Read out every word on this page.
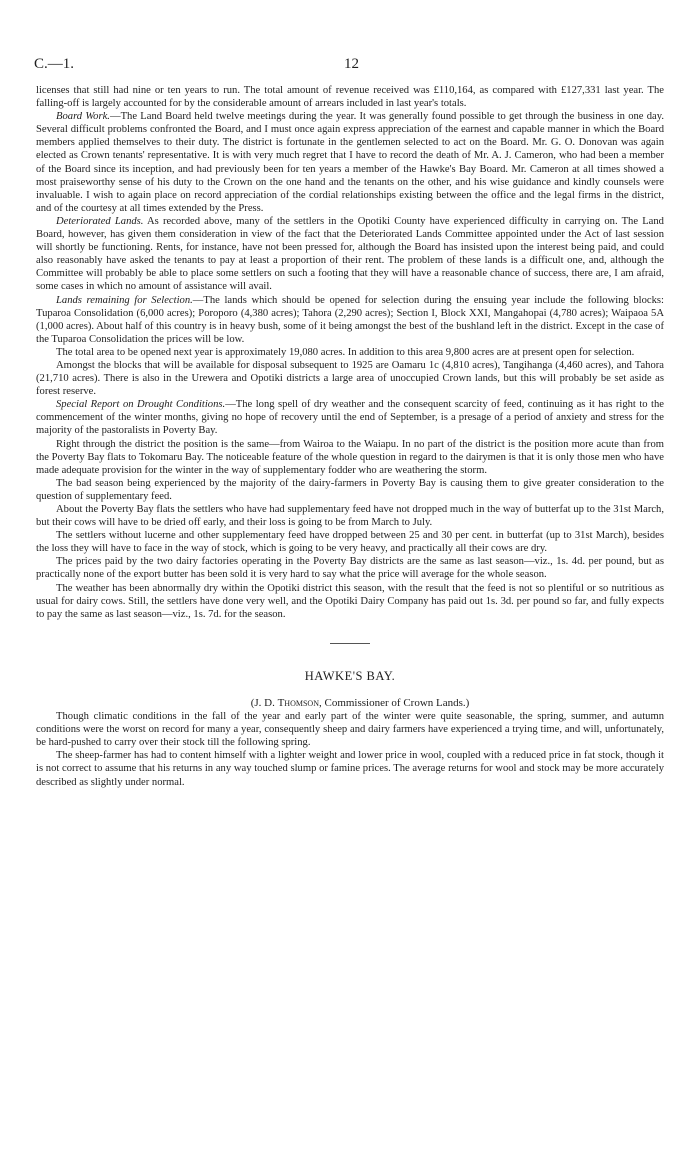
C.—1.	12

licenses that still had nine or ten years to run. The total amount of revenue received was £110,164, as compared with £127,331 last year. The falling-off is largely accounted for by the considerable amount of arrears included in last year's totals.

Board Work.—The Land Board held twelve meetings during the year. It was generally found possible to get through the business in one day. Several difficult problems confronted the Board, and I must once again express appreciation of the earnest and capable manner in which the Board members applied themselves to their duty. The district is fortunate in the gentlemen selected to act on the Board. Mr. G. O. Donovan was again elected as Crown tenants' representative. It is with very much regret that I have to record the death of Mr. A. J. Cameron, who had been a member of the Board since its inception, and had previously been for ten years a member of the Hawke's Bay Board. Mr. Cameron at all times showed a most praiseworthy sense of his duty to the Crown on the one hand and the tenants on the other, and his wise guidance and kindly counsels were invaluable. I wish to again place on record appreciation of the cordial relationships existing between the office and the legal firms in the district, and of the courtesy at all times extended by the Press.

Deteriorated Lands. As recorded above, many of the settlers in the Opotiki County have experienced difficulty in carrying on. The Land Board, however, has given them consideration in view of the fact that the Deteriorated Lands Committee appointed under the Act of last session will shortly be functioning. Rents, for instance, have not been pressed for, although the Board has insisted upon the interest being paid, and could also reasonably have asked the tenants to pay at least a proportion of their rent. The problem of these lands is a difficult one, and, although the Committee will probably be able to place some settlers on such a footing that they will have a reasonable chance of success, there are, I am afraid, some cases in which no amount of assistance will avail.

Lands remaining for Selection.—The lands which should be opened for selection during the ensuing year include the following blocks: Tuparoa Consolidation (6,000 acres); Poroporo (4,380 acres); Tahora (2,290 acres); Section I, Block XXI, Mangahopai (4,780 acres); Waipaoa 5A (1,000 acres). About half of this country is in heavy bush, some of it being amongst the best of the bushland left in the district. Except in the case of the Tuparoa Consolidation the prices will be low.

The total area to be opened next year is approximately 19,080 acres. In addition to this area 9,800 acres are at present open for selection.

Amongst the blocks that will be available for disposal subsequent to 1925 are Oamaru 1c (4,810 acres), Tangihanga (4,460 acres), and Tahora (21,710 acres). There is also in the Urewera and Opotiki districts a large area of unoccupied Crown lands, but this will probably be set aside as forest reserve.

Special Report on Drought Conditions.—The long spell of dry weather and the consequent scarcity of feed, continuing as it has right to the commencement of the winter months, giving no hope of recovery until the end of September, is a presage of a period of anxiety and stress for the majority of the pastoralists in Poverty Bay.

Right through the district the position is the same—from Wairoa to the Waiapu. In no part of the district is the position more acute than from the Poverty Bay flats to Tokomaru Bay. The noticeable feature of the whole question in regard to the dairymen is that it is only those men who have made adequate provision for the winter in the way of supplementary fodder who are weathering the storm.

The bad season being experienced by the majority of the dairy-farmers in Poverty Bay is causing them to give greater consideration to the question of supplementary feed.

About the Poverty Bay flats the settlers who have had supplementary feed have not dropped much in the way of butterfat up to the 31st March, but their cows will have to be dried off early, and their loss is going to be from March to July.

The settlers without lucerne and other supplementary feed have dropped between 25 and 30 per cent. in butterfat (up to 31st March), besides the loss they will have to face in the way of stock, which is going to be very heavy, and practically all their cows are dry.

The prices paid by the two dairy factories operating in the Poverty Bay districts are the same as last season—viz., 1s. 4d. per pound, but as practically none of the export butter has been sold it is very hard to say what the price will average for the whole season.

The weather has been abnormally dry within the Opotiki district this season, with the result that the feed is not so plentiful or so nutritious as usual for dairy cows. Still, the settlers have done very well, and the Opotiki Dairy Company has paid out 1s. 3d. per pound so far, and fully expects to pay the same as last season—viz., 1s. 7d. for the season.

HAWKE'S BAY.

(J. D. Thomson, Commissioner of Crown Lands.)

Though climatic conditions in the fall of the year and early part of the winter were quite seasonable, the spring, summer, and autumn conditions were the worst on record for many a year, consequently sheep and dairy farmers have experienced a trying time, and will, unfortunately, be hard-pushed to carry over their stock till the following spring.

The sheep-farmer has had to content himself with a lighter weight and lower price in wool, coupled with a reduced price in fat stock, though it is not correct to assume that his returns in any way touched slump or famine prices. The average returns for wool and stock may be more accurately described as slightly under normal.
